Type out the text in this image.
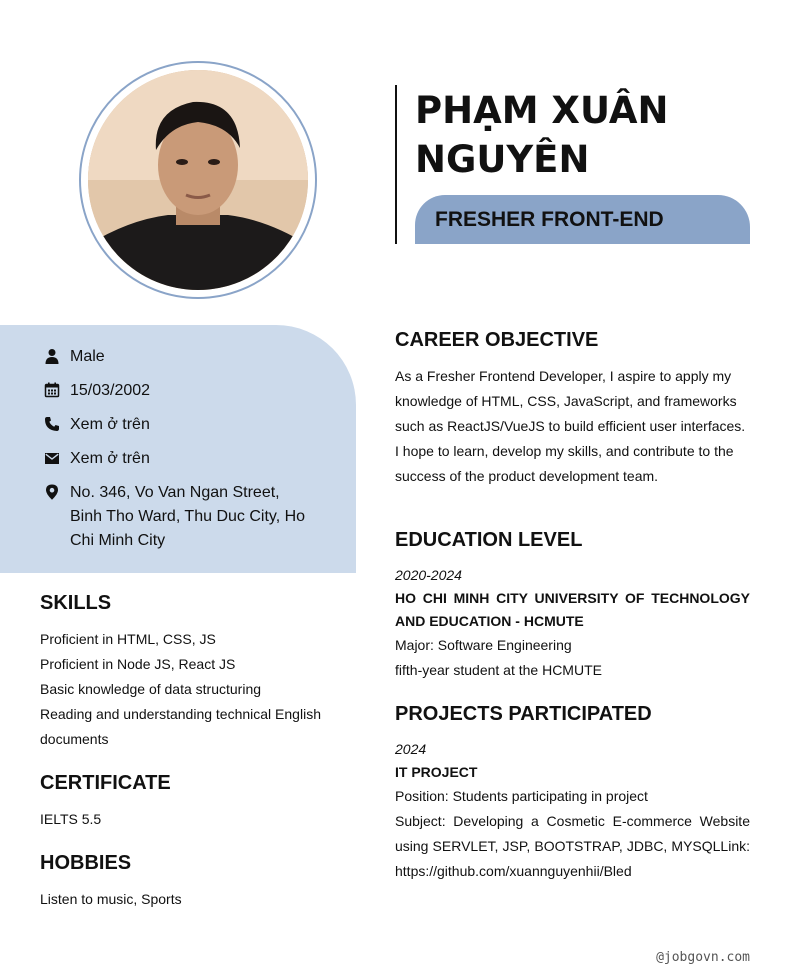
PHẠM XUÂN NGUYÊN
FRESHER FRONT-END
Male
15/03/2002
Xem ở trên
Xem ở trên
No. 346, Vo Van Ngan Street, Binh Tho Ward, Thu Duc City, Ho Chi Minh City
SKILLS
Proficient in HTML, CSS, JS
Proficient in Node JS, React JS
Basic knowledge of data structuring
Reading and understanding technical English documents
CERTIFICATE
IELTS 5.5
HOBBIES
Listen to music, Sports
CAREER OBJECTIVE
As a Fresher Frontend Developer, I aspire to apply my knowledge of HTML, CSS, JavaScript, and frameworks such as ReactJS/VueJS to build efficient user interfaces. I hope to learn, develop my skills, and contribute to the success of the product development team.
EDUCATION LEVEL
2020-2024
HO CHI MINH CITY UNIVERSITY OF TECHNOLOGY AND EDUCATION - HCMUTE
Major: Software Engineering
fifth-year student at the HCMUTE
PROJECTS PARTICIPATED
2024
IT PROJECT
Position: Students participating in project
Subject: Developing a Cosmetic E-commerce Website using SERVLET, JSP, BOOTSTRAP, JDBC, MYSQLLink: https://github.com/xuannguyenhii/Bled
@jobgovn.com
